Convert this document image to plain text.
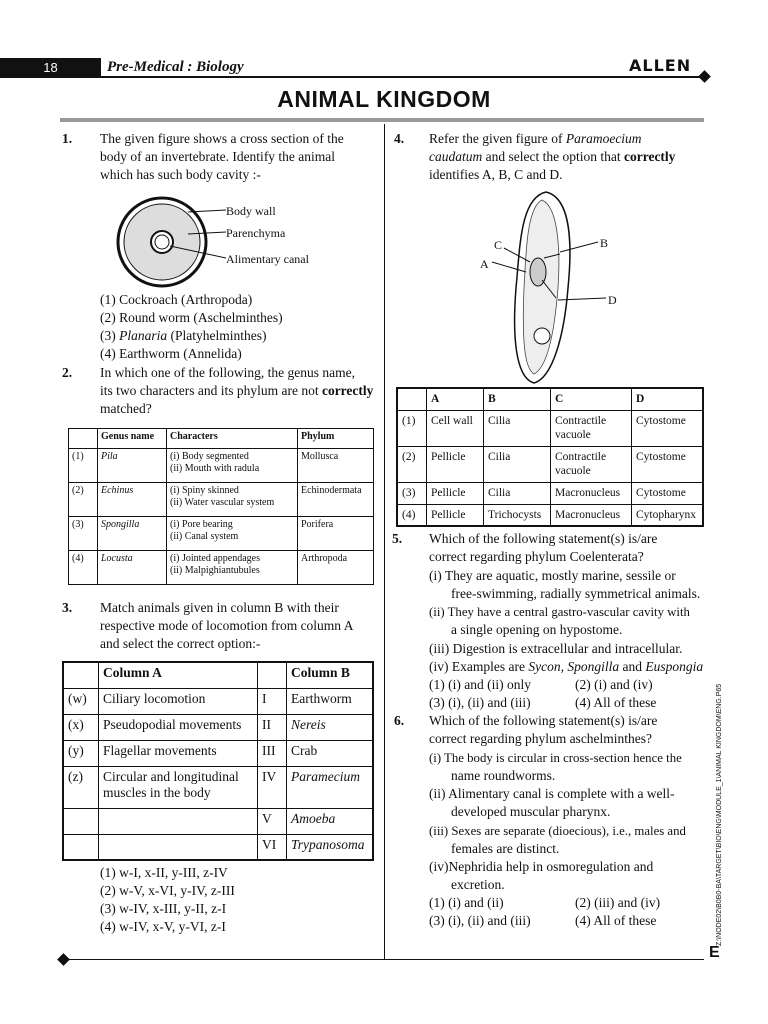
18	Pre-Medical : Biology	ALLEN
ANIMAL KINGDOM
1. The given figure shows a cross section of the
body of an invertebrate. Identify the animal
which has such body cavity :-
Body wall
Parenchyma
Alimentary canal
(1) Cockroach (Arthropoda)
(2) Round worm (Aschelminthes)
(3) Planaria (Platyhelminthes)
(4) Earthworm (Annelida)
2. In which one of the following, the genus name,
its two characters and its phylum are not correctly
matched?
	Genus name	Characters	Phylum
(1)	Pila	(i) Body segmented
(ii) Mouth with radula	Mollusca
(2)	Echinus	(i) Spiny skinned
(ii) Water vascular system	Echinodermata
(3)	Spongilla	(i) Pore bearing
(ii) Canal system	Porifera
(4)	Locusta	(i) Jointed appendages
(ii) Malpighiantubules	Arthropoda
3. Match animals given in column B with their
respective mode of locomotion from column A
and select the correct option:-
	Column A		Column B
(w)	Ciliary locomotion	I	Earthworm
(x)	Pseudopodial movements	II	Nereis
(y)	Flagellar movements	III	Crab
(z)	Circular and longitudinal muscles in the body	IV	Paramecium
		V	Amoeba
		VI	Trypanosoma
(1) w-I, x-II, y-III, z-IV
(2) w-V, x-VI, y-IV, z-III
(3) w-IV, x-III, y-II, z-I
(4) w-IV, x-V, y-VI, z-I
4. Refer the given figure of Paramoecium
caudatum and select the option that correctly
identifies A, B, C and D.
C	B
A
D
	A	B	C	D
(1)	Cell wall	Cilia	Contractile vacuole	Cytostome
(2)	Pellicle	Cilia	Contractile vacuole	Cytostome
(3)	Pellicle	Cilia	Macronucleus	Cytostome
(4)	Pellicle	Trichocysts	Macronucleus	Cytopharynx
5. Which of the following statement(s) is/are
correct regarding phylum Coelenterata?
(i) They are aquatic, mostly marine, sessile or
free-swimming, radially symmetrical animals.
(ii) They have a central gastro-vascular cavity with
a single opening on hypostome.
(iii) Digestion is extracellular and intracellular.
(iv) Examples are Sycon, Spongilla and Euspongia
(1) (i) and (ii) only	(2) (i) and (iv)
(3) (i), (ii) and (iii)	(4) All of these
6. Which of the following statement(s) is/are
correct regarding phylum aschelminthes?
(i) The body is circular in cross-section hence the
name roundworms.
(ii) Alimentary canal is complete with a well-
developed muscular pharynx.
(iii) Sexes are separate (dioecious), i.e., males and
females are distinct.
(iv)Nephridia help in osmoregulation and
excretion.
(1) (i) and (ii)	(2) (iii) and (iv)
(3) (i), (ii) and (iii)	(4) All of these	Z:\NODE02\B0B0-BA\TARGET\BIO\ENG\MODULE_1\ANIMAL KINGDOM\ENG.P65
E
